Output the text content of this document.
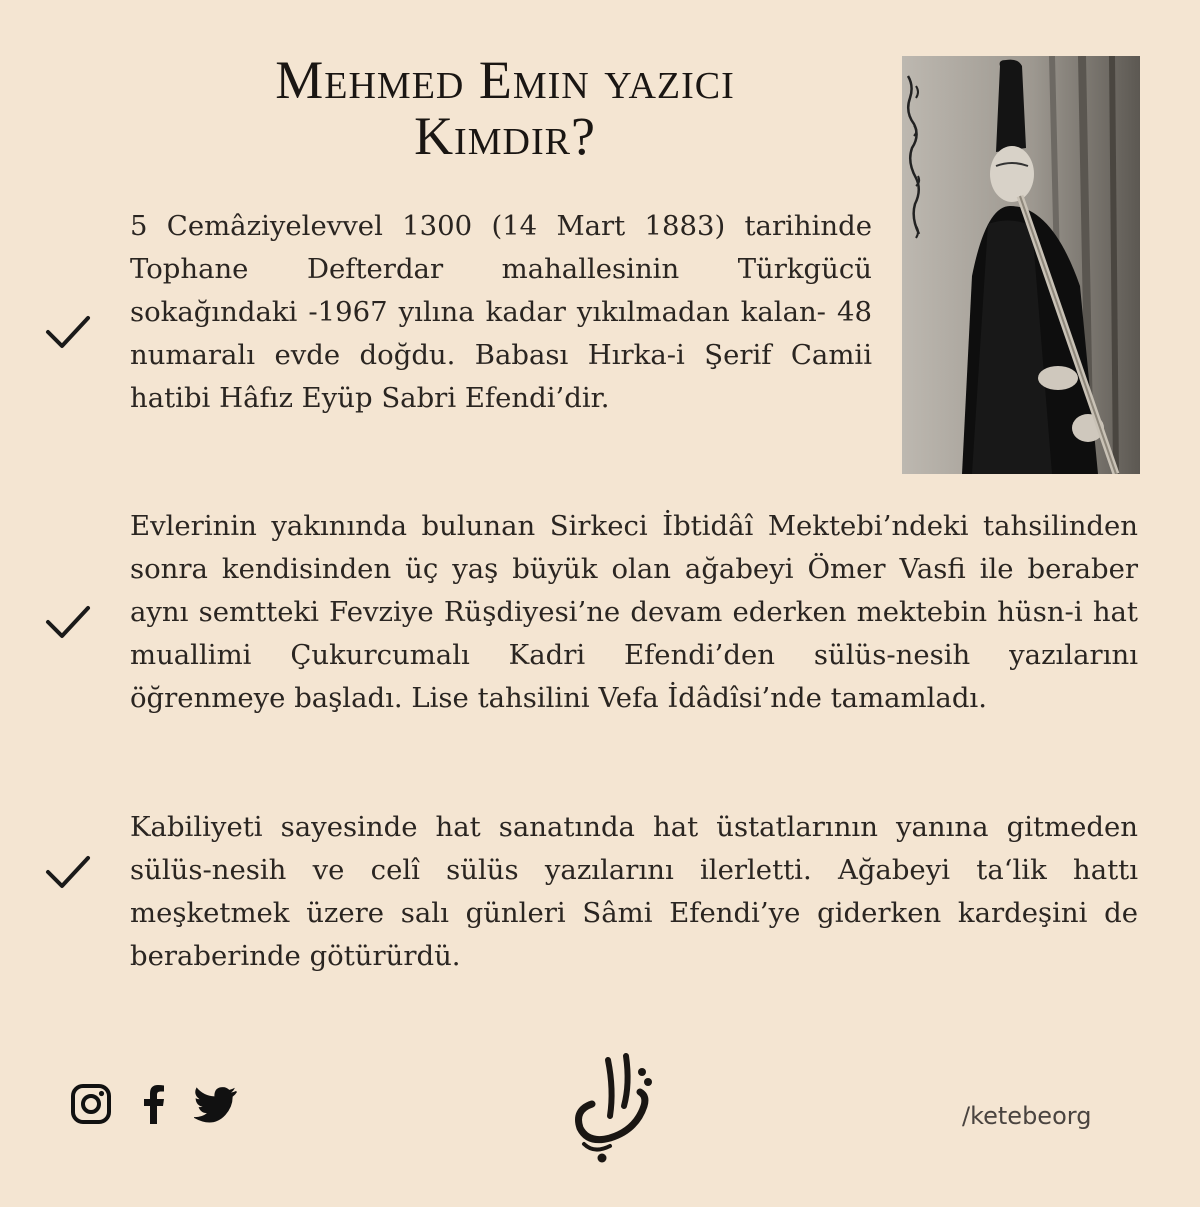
Mehmed Emin yazıcı
Kimdir?

5 Cemâziyelevvel 1300 (14 Mart 1883) tarihinde Tophane Defterdar mahallesinin Türkgücü sokağındaki -1967 yılına kadar yıkılmadan kalan- 48 numaralı evde doğdu. Babası Hırka-i Şerif Camii hatibi Hâfız Eyüp Sabri Efendi’dir.

Evlerinin yakınında bulunan Sirkeci İbtidâî Mektebi’ndeki tahsilinden sonra kendisinden üç yaş büyük olan ağabeyi Ömer Vasfi ile beraber aynı semtteki Fevziye Rüşdiyesi’ne devam ederken mektebin hüsn-i hat muallimi Çukurcumalı Kadri Efendi’den sülüs-nesih yazılarını öğrenmeye başladı. Lise tahsilini Vefa İdâdîsi’nde tamamladı.

Kabiliyeti sayesinde hat sanatında hat üstatlarının yanına gitmeden sülüs-nesih ve celî sülüs yazılarını ilerletti. Ağabeyi ta‘lik hattı meşketmek üzere salı günleri Sâmi Efendi’ye giderken kardeşini de beraberinde götürürdü.

/ketebeorg
